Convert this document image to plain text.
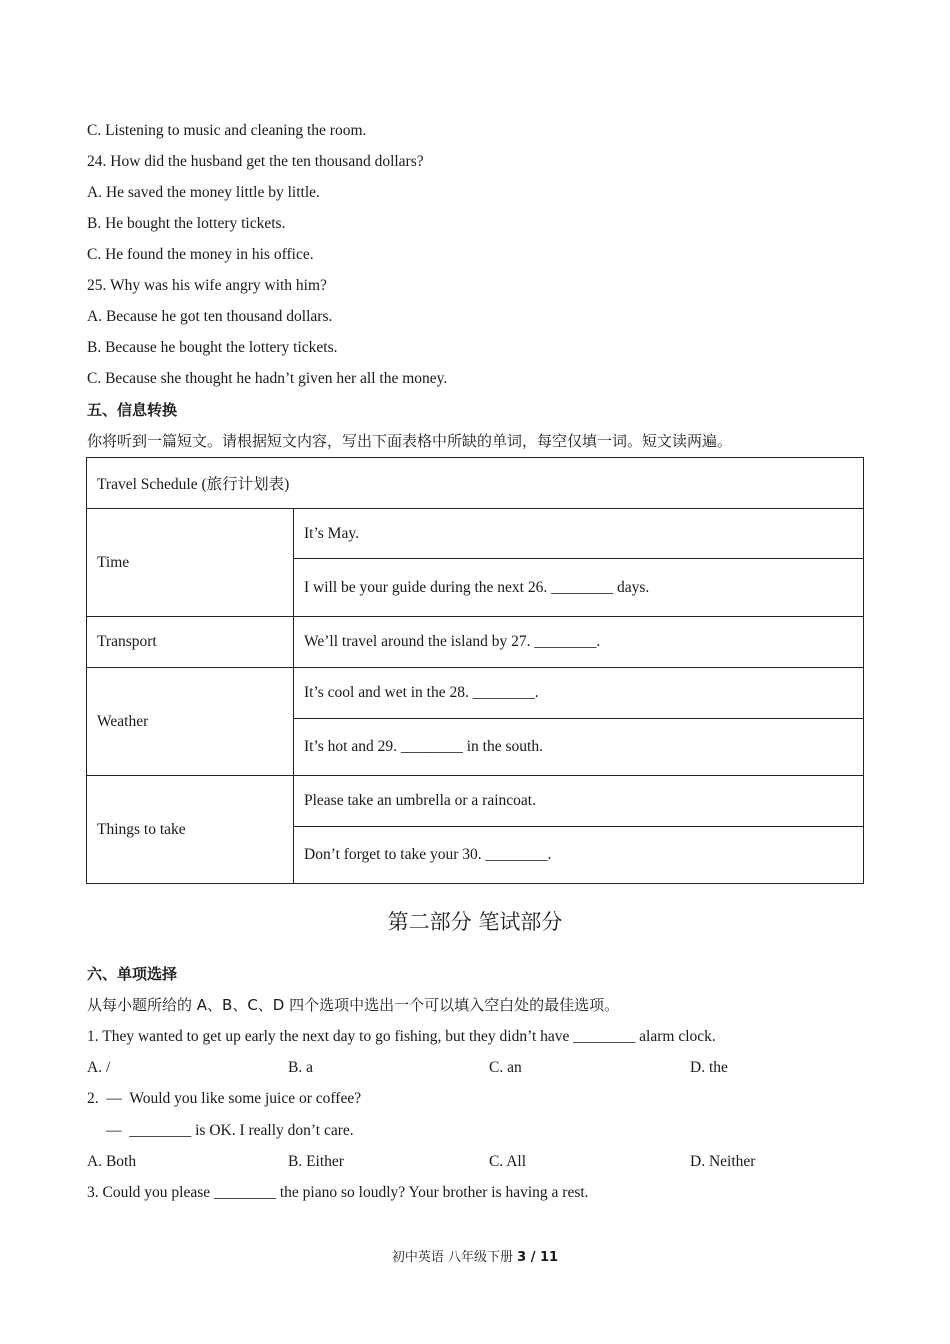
C. Listening to music and cleaning the room.
24. How did the husband get the ten thousand dollars?
A. He saved the money little by little.
B. He bought the lottery tickets.
C. He found the money in his office.
25. Why was his wife angry with him?
A. Because he got ten thousand dollars.
B. Because he bought the lottery tickets.
C. Because she thought he hadn’t given her all the money.
五、信息转换
你将听到一篇短文。请根据短文内容，写出下面表格中所缺的单词，每空仅填一词。短文读两遍。
Travel Schedule (旅行计划表)	
Time	It’s May.
	I will be your guide during the next 26. ________ days.
Transport	We’ll travel around the island by 27. ________.
Weather	It’s cool and wet in the 28. ________.
	It’s hot and 29. ________ in the south.
Things to take	Please take an umbrella or a raincoat.
	Don’t forget to take your 30. ________.
第二部分 笔试部分
六、单项选择
从每小题所给的 A、B、C、D 四个选项中选出一个可以填入空白处的最佳选项。
1. They wanted to get up early the next day to go fishing, but they didn’t have ________ alarm clock.
A. /	B. a	C. an	D. the
2.  —  Would you like some juice or coffee?
—  ________ is OK. I really don’t care.
A. Both	B. Either	C. All	D. Neither
3. Could you please ________ the piano so loudly? Your brother is having a rest.
初中英语 八年级下册 3 / 11
